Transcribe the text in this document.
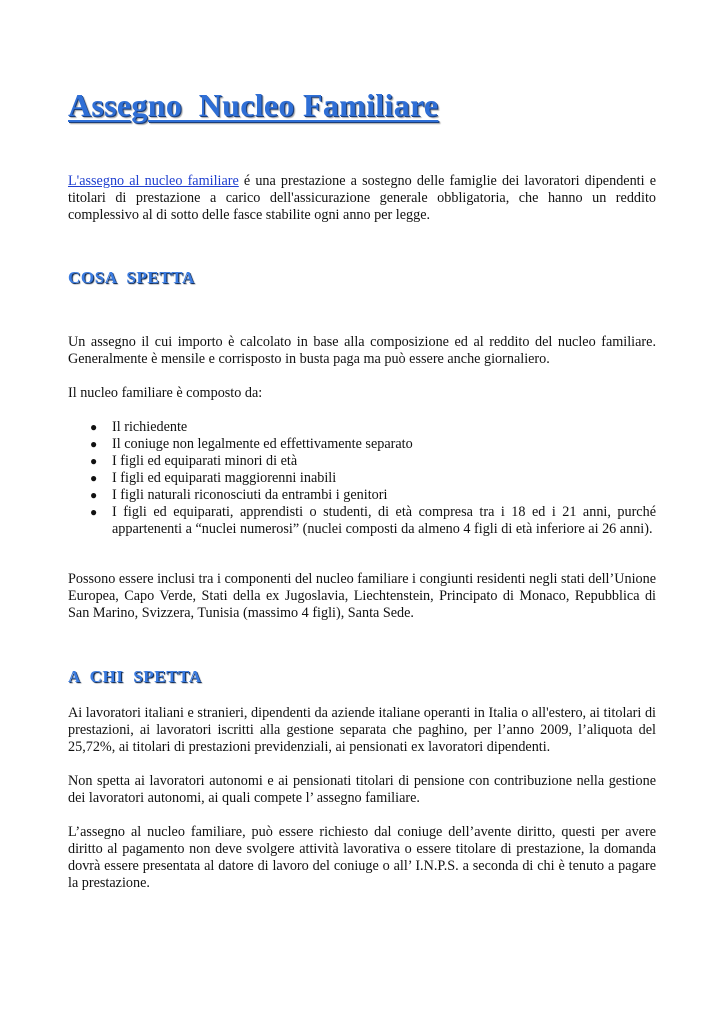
Assegno  Nucleo Familiare

L'assegno al nucleo familiare é una prestazione a sostegno delle famiglie dei lavoratori dipendenti e titolari di prestazione a carico dell'assicurazione generale obbligatoria, che hanno un reddito complessivo al di sotto delle fasce stabilite ogni anno per legge.

COSA  SPETTA

Un assegno il cui importo è calcolato in base alla composizione ed al reddito del nucleo familiare. Generalmente è mensile e corrisposto in busta paga ma può essere anche giornaliero.

Il nucleo familiare è composto da:

● Il richiedente
● Il coniuge non legalmente ed effettivamente separato
● I figli ed equiparati minori di età
● I figli ed equiparati maggiorenni inabili
● I figli naturali riconosciuti da entrambi i genitori
● I figli ed equiparati, apprendisti o studenti, di età compresa tra i 18 ed i 21 anni, purché appartenenti a “nuclei numerosi” (nuclei composti da almeno 4 figli di età inferiore ai 26 anni).

Possono essere inclusi tra i componenti del nucleo familiare i congiunti residenti negli stati dell’Unione Europea, Capo Verde, Stati della ex Jugoslavia, Liechtenstein, Principato di Monaco, Repubblica di San Marino, Svizzera, Tunisia (massimo 4 figli), Santa Sede.

A  CHI  SPETTA

Ai lavoratori italiani e stranieri, dipendenti da aziende italiane operanti in Italia o all'estero, ai titolari di prestazioni, ai lavoratori iscritti alla gestione separata che paghino, per l’anno 2009, l’aliquota del 25,72%, ai titolari di prestazioni previdenziali, ai pensionati ex lavoratori dipendenti.

Non spetta ai lavoratori autonomi e ai pensionati titolari di pensione con contribuzione nella gestione dei lavoratori autonomi, ai quali compete l’ assegno familiare.

L’assegno al nucleo familiare, può essere richiesto dal coniuge dell’avente diritto, questi per avere diritto al pagamento non deve svolgere attività lavorativa o essere titolare di prestazione, la domanda dovrà essere presentata al datore di lavoro del coniuge o all’ I.N.P.S. a seconda di chi è tenuto a pagare la prestazione.
